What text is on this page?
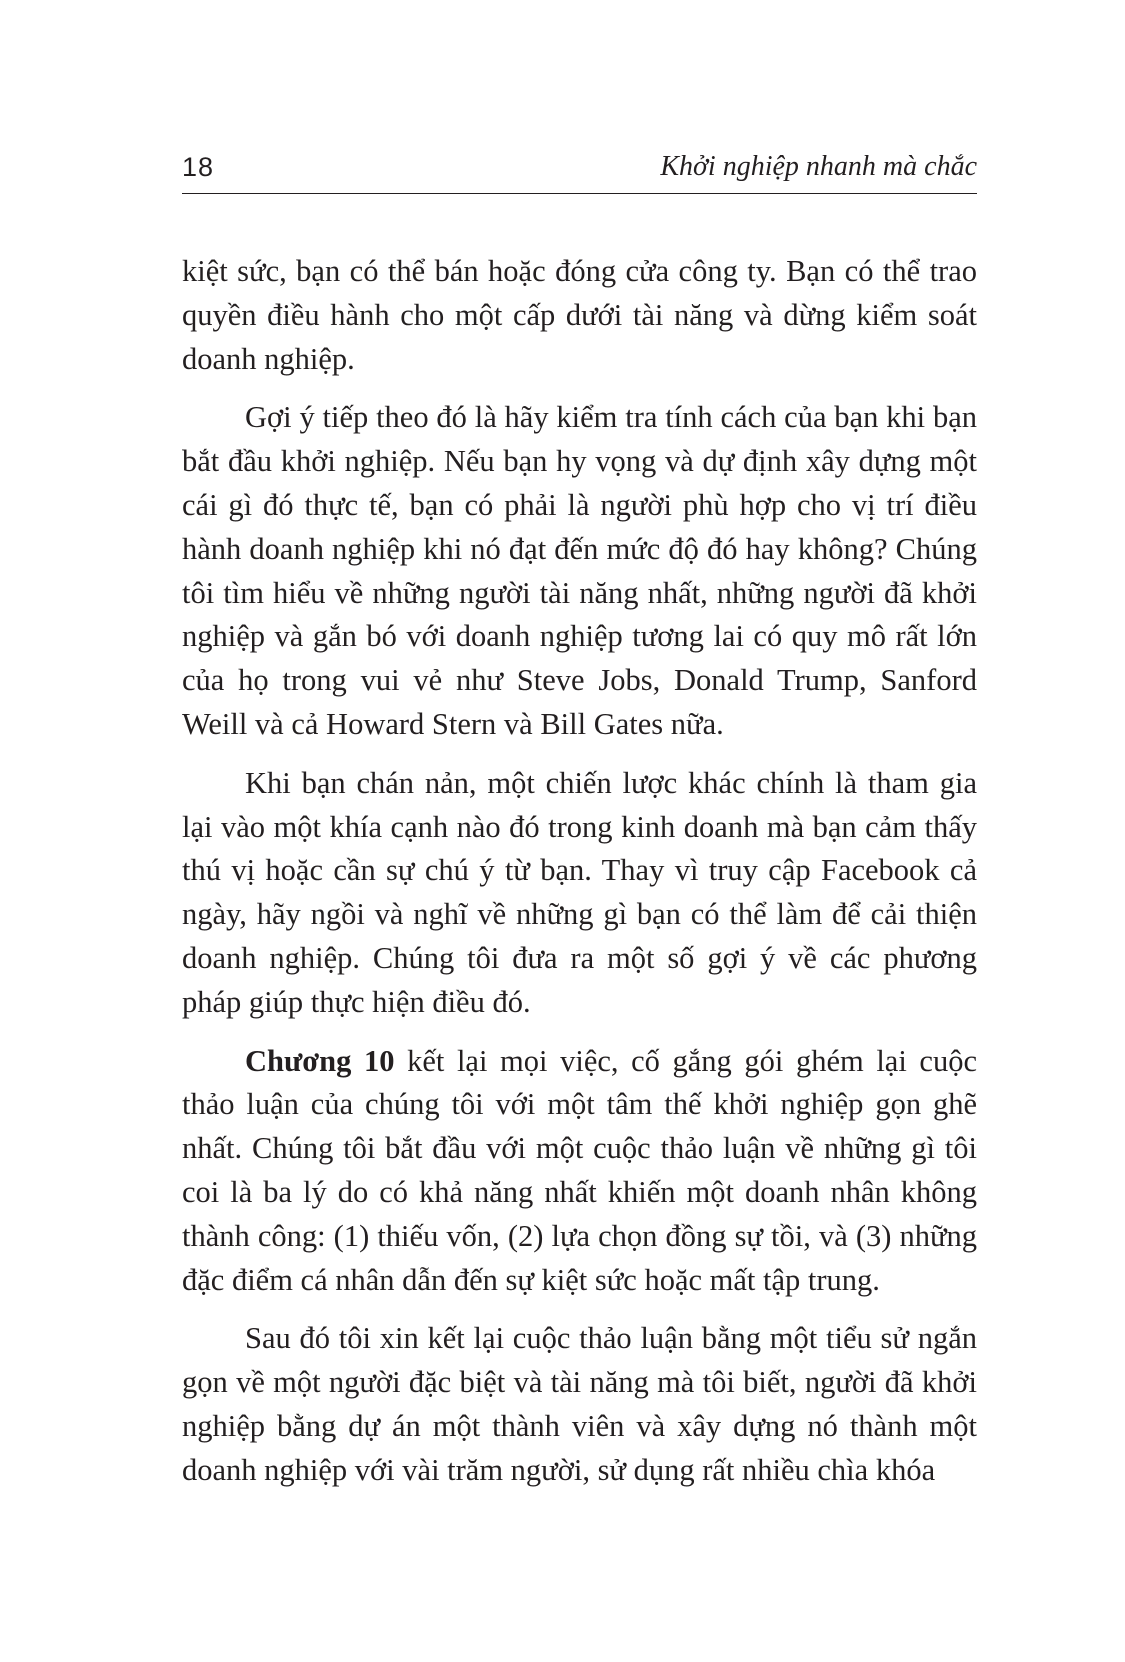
18	Khởi nghiệp nhanh mà chắc

kiệt sức, bạn có thể bán hoặc đóng cửa công ty. Bạn có thể trao quyền điều hành cho một cấp dưới tài năng và dừng kiểm soát doanh nghiệp.

Gợi ý tiếp theo đó là hãy kiểm tra tính cách của bạn khi bạn bắt đầu khởi nghiệp. Nếu bạn hy vọng và dự định xây dựng một cái gì đó thực tế, bạn có phải là người phù hợp cho vị trí điều hành doanh nghiệp khi nó đạt đến mức độ đó hay không? Chúng tôi tìm hiểu về những người tài năng nhất, những người đã khởi nghiệp và gắn bó với doanh nghiệp tương lai có quy mô rất lớn của họ trong vui vẻ như Steve Jobs, Donald Trump, Sanford Weill và cả Howard Stern và Bill Gates nữa.

Khi bạn chán nản, một chiến lược khác chính là tham gia lại vào một khía cạnh nào đó trong kinh doanh mà bạn cảm thấy thú vị hoặc cần sự chú ý từ bạn. Thay vì truy cập Facebook cả ngày, hãy ngồi và nghĩ về những gì bạn có thể làm để cải thiện doanh nghiệp. Chúng tôi đưa ra một số gợi ý về các phương pháp giúp thực hiện điều đó.

Chương 10 kết lại mọi việc, cố gắng gói ghém lại cuộc thảo luận của chúng tôi với một tâm thế khởi nghiệp gọn ghẽ nhất. Chúng tôi bắt đầu với một cuộc thảo luận về những gì tôi coi là ba lý do có khả năng nhất khiến một doanh nhân không thành công: (1) thiếu vốn, (2) lựa chọn đồng sự tồi, và (3) những đặc điểm cá nhân dẫn đến sự kiệt sức hoặc mất tập trung.

Sau đó tôi xin kết lại cuộc thảo luận bằng một tiểu sử ngắn gọn về một người đặc biệt và tài năng mà tôi biết, người đã khởi nghiệp bằng dự án một thành viên và xây dựng nó thành một doanh nghiệp với vài trăm người, sử dụng rất nhiều chìa khóa
